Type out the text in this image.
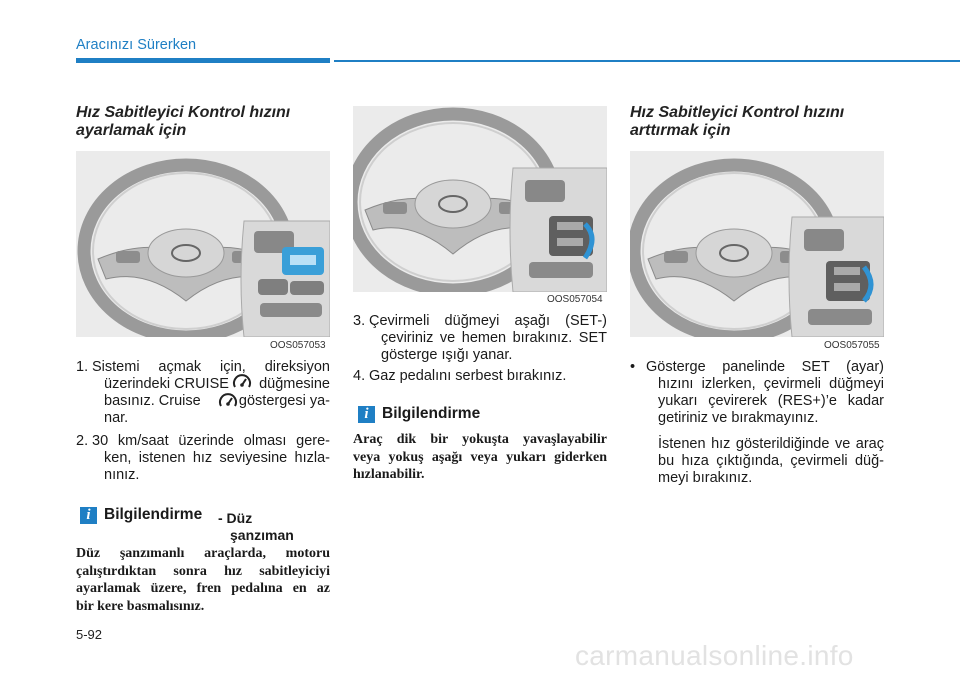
Aracınızı Sürerken
Hız Sabitleyici Kontrol hızını
ayarlamak için
OOS057053
1. Sistemi açmak için, direksiyon
üzerindeki CRUISE düğmesine
basınız. Cruise	göstergesi ya-
nar.
2. 30 km/saat üzerinde olması gere-
ken, istenen hız seviyesine hızla-
nınız.
i Bilgilendirme - Düz
şanzıman
Düz şanzımanlı araçlarda, motoru
çalıştırdıktan sonra hız sabitleyiciyi
ayarlamak üzere, fren pedalına en az
bir kere basmalısınız.
OOS057054
3. Çevirmeli düğmeyi aşağı (SET-)
çeviriniz ve hemen bırakınız. SET
gösterge ışığı yanar.
4. Gaz pedalını serbest bırakınız.
i Bilgilendirme
Araç dik bir yokuşta yavaşlayabilir
veya yokuş aşağı veya yukarı giderken
hızlanabilir.
Hız Sabitleyici Kontrol hızını
arttırmak için
OOS057055
• Gösterge panelinde SET (ayar)
hızını izlerken, çevirmeli düğmeyi
yukarı çevirerek (RES+)’e kadar
getiriniz ve bırakmayınız.
İstenen hız gösterildiğinde ve araç
bu hıza çıktığında, çevirmeli düğ-
meyi bırakınız.
5-92
carmanualsonline.info
